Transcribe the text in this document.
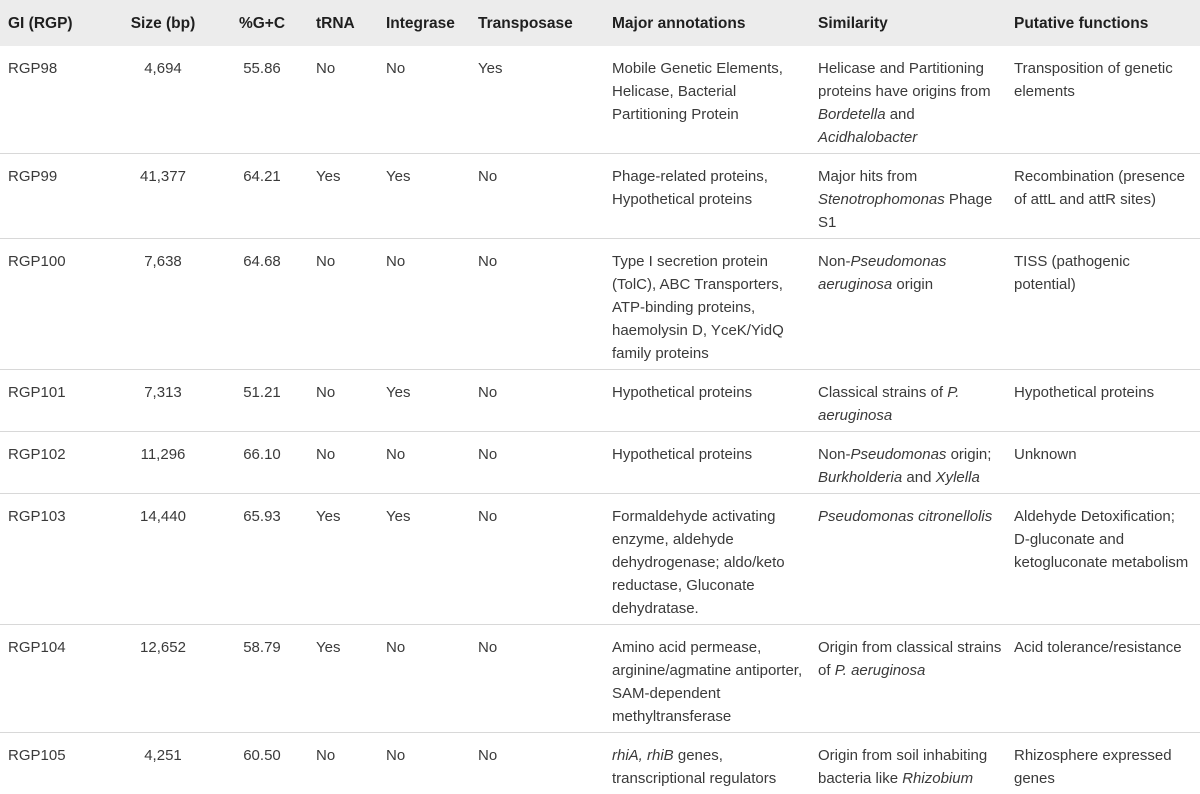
GI (RGP)	Size (bp)	%G+C	tRNA	Integrase	Transposase	Major annotations	Similarity	Putative functions
RGP98	4,694	55.86	No	No	Yes	Mobile Genetic Elements, Helicase, Bacterial Partitioning Protein	Helicase and Partitioning proteins have origins from Bordetella and Acidhalobacter	Transposition of genetic elements
RGP99	41,377	64.21	Yes	Yes	No	Phage-related proteins, Hypothetical proteins	Major hits from Stenotrophomonas Phage S1	Recombination (presence of attL and attR sites)
RGP100	7,638	64.68	No	No	No	Type I secretion protein (TolC), ABC Transporters, ATP-binding proteins, haemolysin D, YceK/YidQ family proteins	Non-Pseudomonas aeruginosa origin	TISS (pathogenic potential)
RGP101	7,313	51.21	No	Yes	No	Hypothetical proteins	Classical strains of P. aeruginosa	Hypothetical proteins
RGP102	11,296	66.10	No	No	No	Hypothetical proteins	Non-Pseudomonas origin; Burkholderia and Xylella	Unknown
RGP103	14,440	65.93	Yes	Yes	No	Formaldehyde activating enzyme, aldehyde dehydrogenase; aldo/keto reductase, Gluconate dehydratase.	Pseudomonas citronellolis	Aldehyde Detoxification; D-gluconate and ketogluconate metabolism
RGP104	12,652	58.79	Yes	No	No	Amino acid permease, arginine/agmatine antiporter, SAM-dependent methyltransferase	Origin from classical strains of P. aeruginosa	Acid tolerance/resistance
RGP105	4,251	60.50	No	No	No	rhiA, rhiB genes, transcriptional regulators	Origin from soil inhabiting bacteria like Rhizobium	Rhizosphere expressed genes
